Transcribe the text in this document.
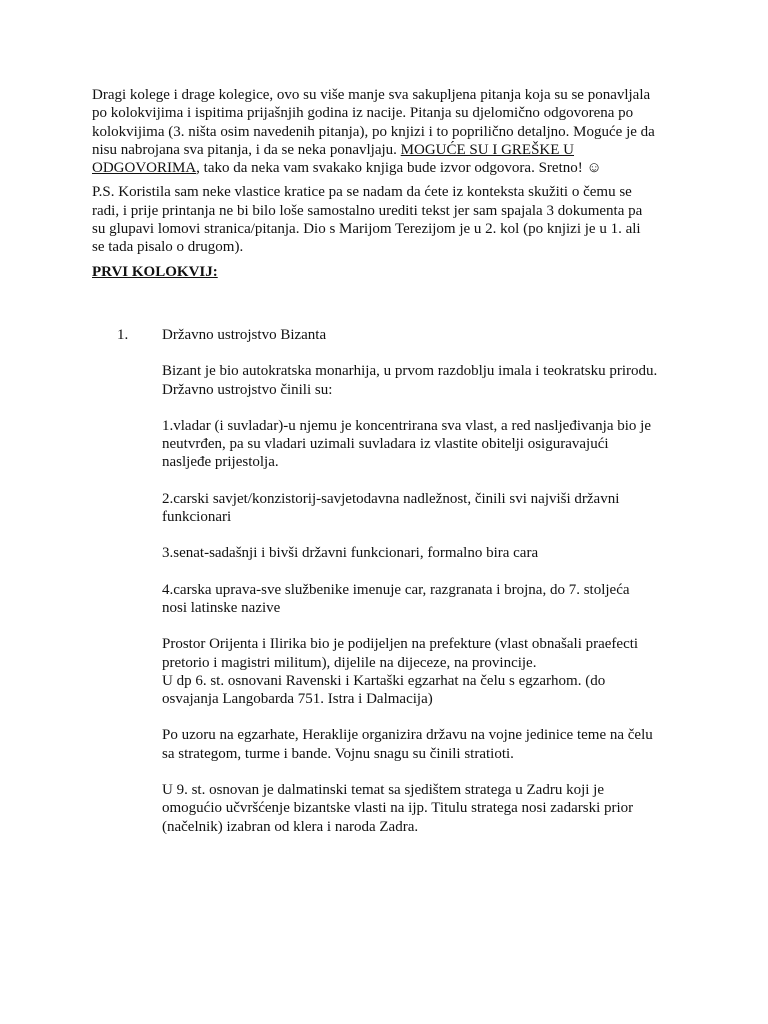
Dragi kolege i drage kolegice, ovo su više manje sva sakupljena pitanja koja su se ponavljala
po kolokvijima i ispitima prijašnjih godina iz nacije. Pitanja su djelomično odgovorena po
kolokvijima (3. ništa osim navedenih pitanja), po knjizi i to poprilično detaljno. Moguće je da
nisu nabrojana sva pitanja, i da se neka ponavljaju. MOGUĆE SU I GREŠKE U
ODGOVORIMA, tako da neka vam svakako knjiga bude izvor odgovora. Sretno! ☺

P.S. Koristila sam neke vlastice kratice pa se nadam da ćete iz konteksta skužiti o čemu se
radi, i prije printanja ne bi bilo loše samostalno urediti tekst jer sam spajala 3 dokumenta pa
su glupavi lomovi stranica/pitanja. Dio s Marijom Terezijom je u 2. kol (po knjizi je u 1. ali
se tada pisalo o drugom).

PRVI KOLOKVIJ:

1. Državno ustrojstvo Bizanta

Bizant je bio autokratska monarhija, u prvom razdoblju imala i teokratsku prirodu.
Državno ustrojstvo činili su:

1.vladar (i suvladar)-u njemu je koncentrirana sva vlast, a red nasljeđivanja bio je
neutvrđen, pa su vladari uzimali suvladara iz vlastite obitelji osiguravajući
nasljeđe prijestolja.

2.carski savjet/konzistorij-savjetodavna nadležnost, činili svi najviši državni
funkcionari

3.senat-sadašnji i bivši državni funkcionari, formalno bira cara

4.carska uprava-sve službenike imenuje car, razgranata i brojna, do 7. stoljeća
nosi latinske nazive

Prostor Orijenta i Ilirika bio je podijeljen na prefekture (vlast obnašali praefecti
pretorio i magistri militum), dijelile na dijeceze, na provincije.
U dp 6. st. osnovani Ravenski i Kartaški egzarhat na čelu s egzarhom. (do
osvajanja Langobarda 751. Istra i Dalmacija)

Po uzoru na egzarhate, Heraklije organizira državu na vojne jedinice teme na čelu
sa strategom, turme i bande. Vojnu snagu su činili stratioti.

U 9. st. osnovan je dalmatinski temat sa sjedištem stratega u Zadru koji je
omogućio učvršćenje bizantske vlasti na ijp. Titulu stratega nosi zadarski prior
(načelnik) izabran od klera i naroda Zadra.
